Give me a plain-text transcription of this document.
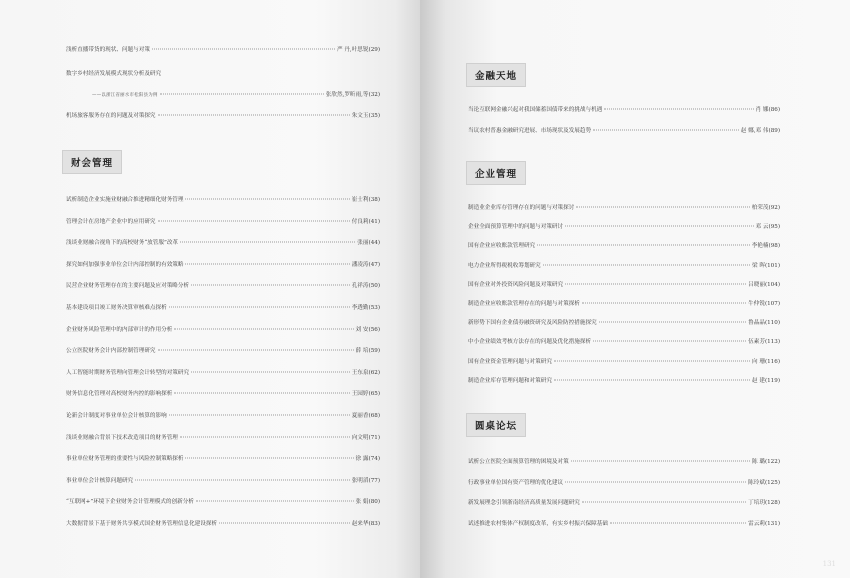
浅析直播带货的现状、问题与对策	严 丹,叶思锐 ( 29 )
数字乡村经济发展模式现状分析及研究
——以浙江省丽水市松阳县为例	张欣然,罗昕雨,等 ( 32 )
机场旅客服务存在的问题及对策探究	朱文玉 ( 35 )
财会管理
试析制造企业实施业财融合推进精细化财务管理	崔士利 ( 38 )
管理会计在房地产企业中的应用研究	付良莉 ( 41 )
浅谈业财融合视角下的高校财务“放管服”改革	张丽 ( 44 )
探究如何加强事业单位会计内部控制的有效策略	潘凌涛 ( 47 )
民营企业财务管理存在的主要问题及应对策略分析	孔祥涛 ( 50 )
基本建设项目竣工财务决算审核难点探析	李透勤 ( 53 )
企业财务风险管理中的内部审计的作用分析	刘 安 ( 56 )
公立医院财务会计内部控制管理研究	薛 培 ( 59 )
人工智能时期财务管理向管理会计转型的对策研究	王东泉 ( 62 )
财务信息化管理对高校财务内控的影响探析	王园婷 ( 65 )
论新会计制度对事业单位会计核算的影响	夏丽香 ( 68 )
浅谈业财融合背景下技术改造项目的财务管理	向文明 ( 71 )
事业单位财务管理的重要性与风险控制策略探析	徐 露 ( 74 )
事业单位会计核算问题研究	张明滔 ( 77 )
“互联网+”环境下企业财务会计管理模式的创新分析	张 娟 ( 80 )
大数据背景下基于财务共享模式国企财务管理信息化建设探析	赵来华 ( 83 )
金融天地
当论互联网金融兴起对我国储蓄国债带来的挑战与机遇	肖 娜 ( 86 )
当议农村普惠金融研究进展、市场现状及发展趋势	赵 娜,邓 伟 ( 89 )
企业管理
制造业企业库存管理存在的问题与对策探讨	柏荣茂 ( 92 )
企业全面预算管理中的问题与对策研讨	邓 云 ( 95 )
国有企业应收账款管理研究	李艳楠 ( 98 )
电力企业所得税税收筹划研究	梁 晖 ( 101 )
国有企业对外投资风险问题及对策研究	吕晓丽 ( 104 )
制造企业应收账款管理存在的问题与对策探析	牛仲锐 ( 107 )
新形势下国有企业债券融资研究及风险防控措施探究	鲁晶晶 ( 110 )
中小企业绩效考核方法存在的问题及优化措施探析	伍素芳 ( 113 )
国有企业资金管理问题与对策研究	向 珊 ( 116 )
制造企业库存管理问题和对策研究	赵 建 ( 119 )
圆桌论坛
试析公立医院全面预算管理的困境及对策	陈 璐 ( 122 )
行政事业单位国有资产管理的优化建议	陈玲斌 ( 125 )
新发展理念引领浙南经济高质量发展问题研究	丁培玥 ( 128 )
试述推进农村集体产权制度改革，有实乡村振兴保障基础	雷云莉 ( 131 )
131
